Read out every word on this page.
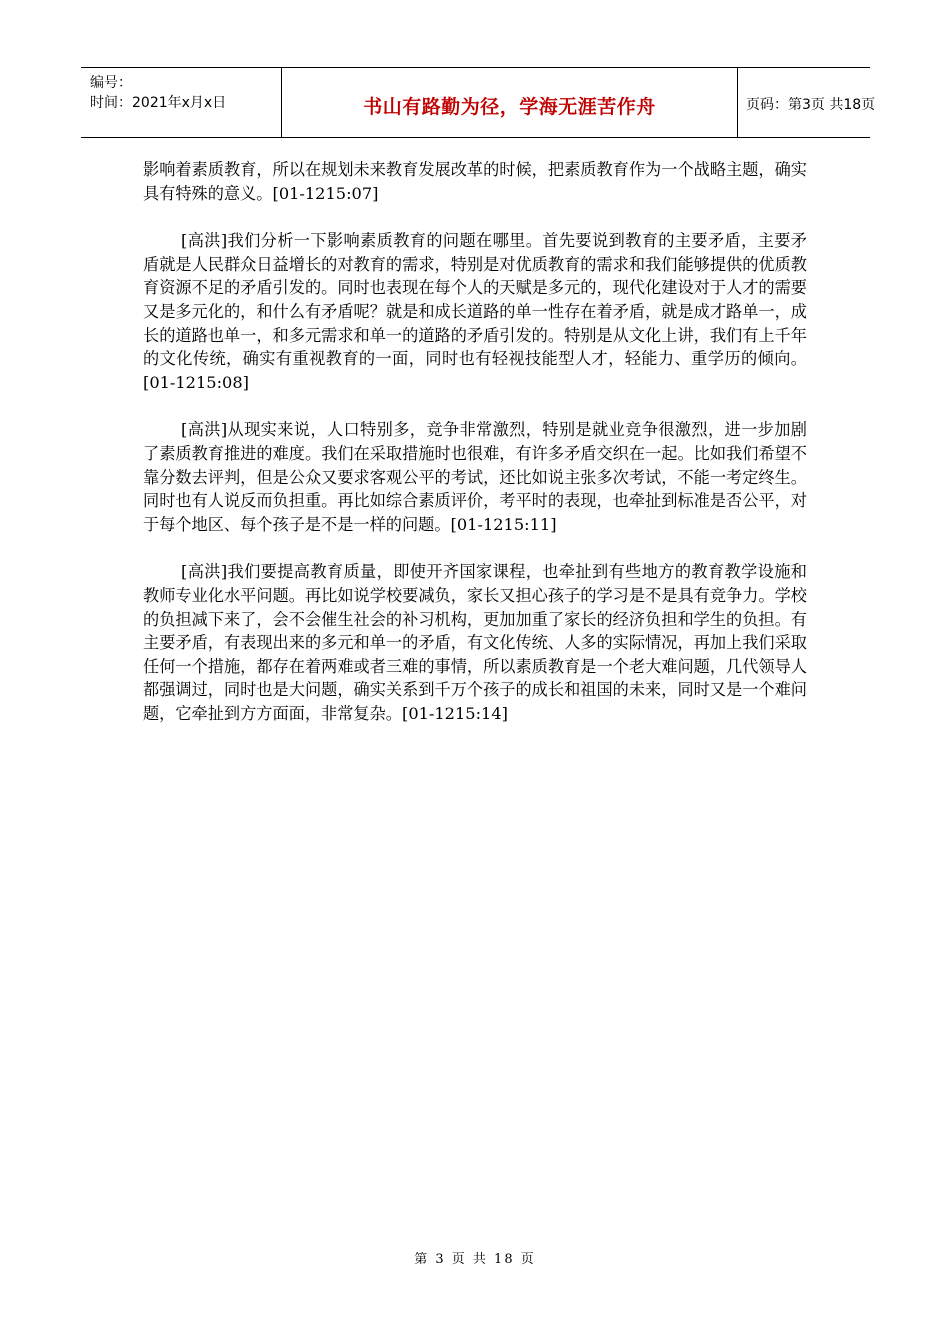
编号：
时间：2021年x月x日	书山有路勤为径，学海无涯苦作舟	页码：第3页 共18页

影响着素质教育，所以在规划未来教育发展改革的时候，把素质教育作为一个战略主题，确实具有特殊的意义。[01-1215:07]

[高洪]我们分析一下影响素质教育的问题在哪里。首先要说到教育的主要矛盾，主要矛盾就是人民群众日益增长的对教育的需求，特别是对优质教育的需求和我们能够提供的优质教育资源不足的矛盾引发的。同时也表现在每个人的天赋是多元的，现代化建设对于人才的需要又是多元化的，和什么有矛盾呢？就是和成长道路的单一性存在着矛盾，就是成才路单一，成长的道路也单一，和多元需求和单一的道路的矛盾引发的。特别是从文化上讲，我们有上千年的文化传统，确实有重视教育的一面，同时也有轻视技能型人才，轻能力、重学历的倾向。[01-1215:08]

[高洪]从现实来说，人口特别多，竞争非常激烈，特别是就业竞争很激烈，进一步加剧了素质教育推进的难度。我们在采取措施时也很难，有许多矛盾交织在一起。比如我们希望不靠分数去评判，但是公众又要求客观公平的考试，还比如说主张多次考试，不能一考定终生。同时也有人说反而负担重。再比如综合素质评价，考平时的表现，也牵扯到标准是否公平，对于每个地区、每个孩子是不是一样的问题。[01-1215:11]

[高洪]我们要提高教育质量，即使开齐国家课程，也牵扯到有些地方的教育教学设施和教师专业化水平问题。再比如说学校要减负，家长又担心孩子的学习是不是具有竞争力。学校的负担减下来了，会不会催生社会的补习机构，更加加重了家长的经济负担和学生的负担。有主要矛盾，有表现出来的多元和单一的矛盾，有文化传统、人多的实际情况，再加上我们采取任何一个措施，都存在着两难或者三难的事情，所以素质教育是一个老大难问题，几代领导人都强调过，同时也是大问题，确实关系到千万个孩子的成长和祖国的未来，同时又是一个难问题，它牵扯到方方面面，非常复杂。[01-1215:14]

第 3 页 共 18 页
